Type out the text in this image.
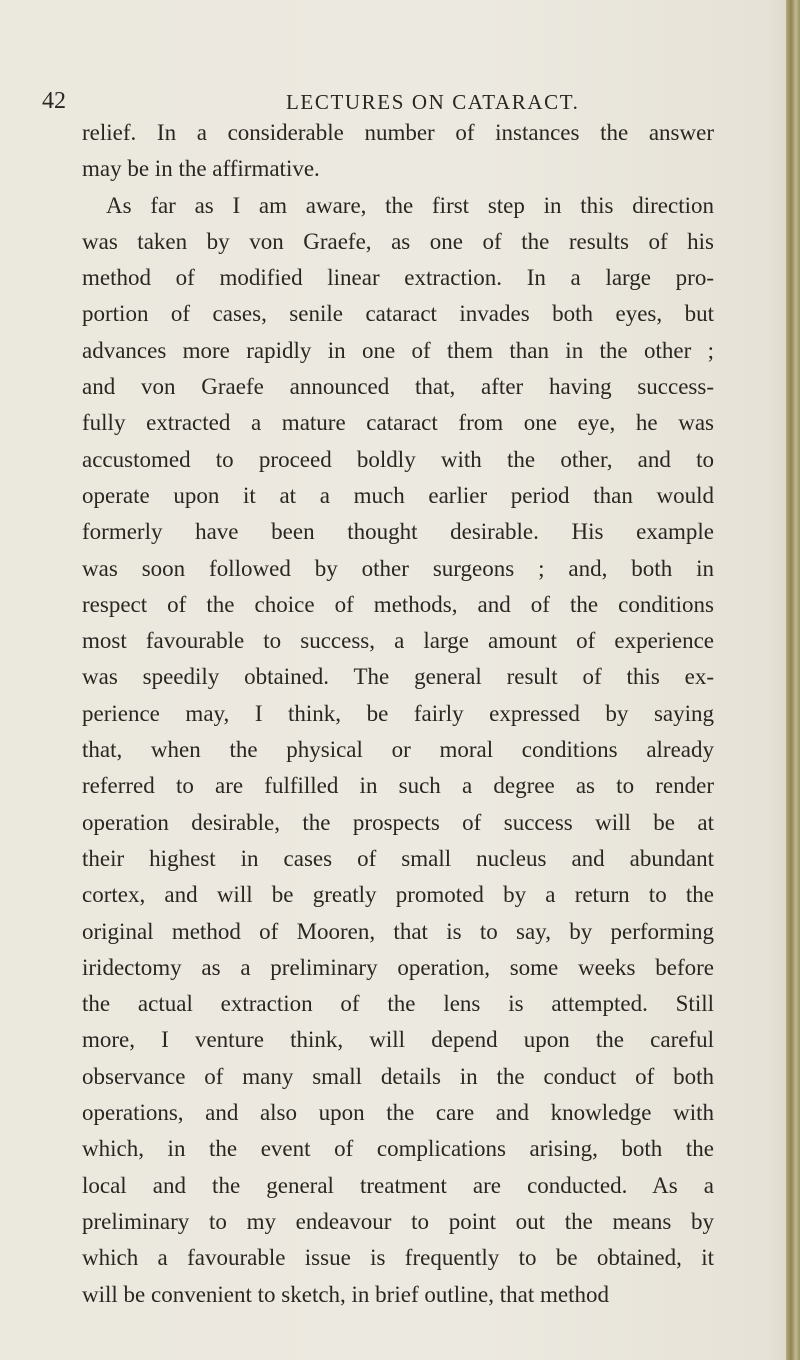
42	LECTURES ON CATARACT.
relief. In a considerable number of instances the answer
may be in the affirmative.
As far as I am aware, the first step in this direction
was taken by von Graefe, as one of the results of his
method of modified linear extraction. In a large pro-
portion of cases, senile cataract invades both eyes, but
advances more rapidly in one of them than in the other ;
and von Graefe announced that, after having success-
fully extracted a mature cataract from one eye, he was
accustomed to proceed boldly with the other, and to
operate upon it at a much earlier period than would
formerly have been thought desirable. His example
was soon followed by other surgeons ; and, both in
respect of the choice of methods, and of the conditions
most favourable to success, a large amount of experience
was speedily obtained. The general result of this ex-
perience may, I think, be fairly expressed by saying
that, when the physical or moral conditions already
referred to are fulfilled in such a degree as to render
operation desirable, the prospects of success will be at
their highest in cases of small nucleus and abundant
cortex, and will be greatly promoted by a return to the
original method of Mooren, that is to say, by performing
iridectomy as a preliminary operation, some weeks before
the actual extraction of the lens is attempted. Still
more, I venture think, will depend upon the careful
observance of many small details in the conduct of both
operations, and also upon the care and knowledge with
which, in the event of complications arising, both the
local and the general treatment are conducted. As a
preliminary to my endeavour to point out the means by
which a favourable issue is frequently to be obtained, it
will be convenient to sketch, in brief outline, that method
